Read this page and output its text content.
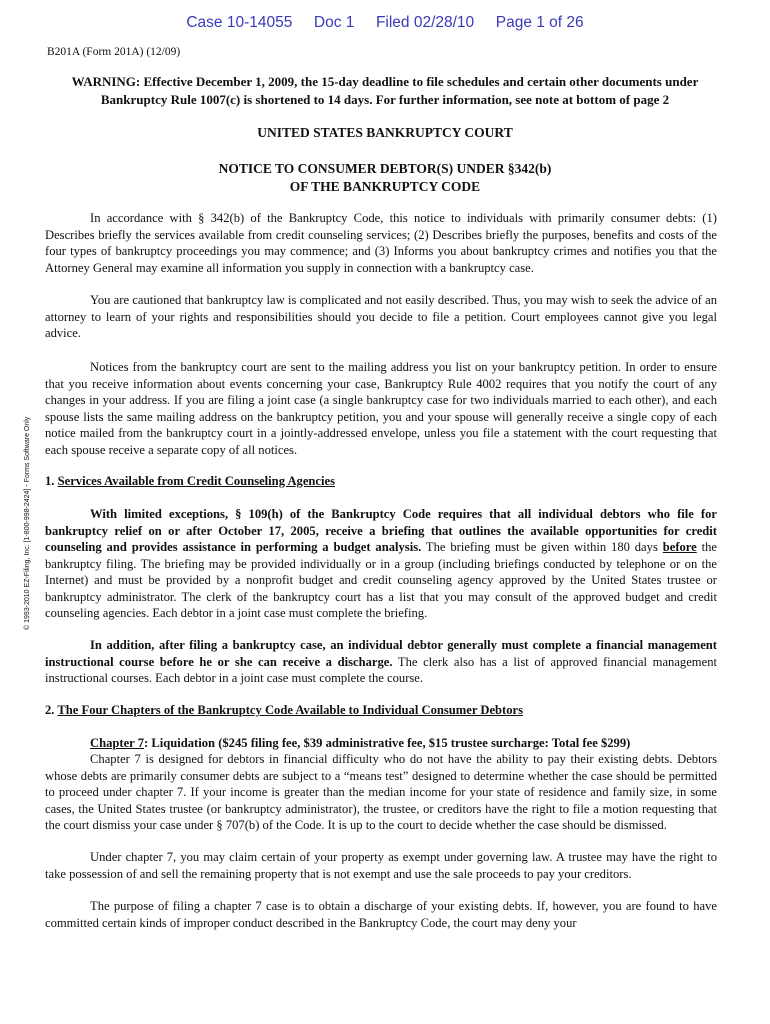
Case 10-14055 Doc 1 Filed 02/28/10 Page 1 of 26
B201A (Form 201A) (12/09)
© 1993-2010 EZ-Filing, Inc. [1-800-998-2424] - Forms Software Only
WARNING: Effective December 1, 2009, the 15-day deadline to file schedules and certain other documents under Bankruptcy Rule 1007(c) is shortened to 14 days. For further information, see note at bottom of page 2
UNITED STATES BANKRUPTCY COURT
NOTICE TO CONSUMER DEBTOR(S) UNDER §342(b)
OF THE BANKRUPTCY CODE

In accordance with § 342(b) of the Bankruptcy Code, this notice to individuals with primarily consumer debts: (1) Describes briefly the services available from credit counseling services; (2) Describes briefly the purposes, benefits and costs of the four types of bankruptcy proceedings you may commence; and (3) Informs you about bankruptcy crimes and notifies you that the Attorney General may examine all information you supply in connection with a bankruptcy case.

You are cautioned that bankruptcy law is complicated and not easily described. Thus, you may wish to seek the advice of an attorney to learn of your rights and responsibilities should you decide to file a petition. Court employees cannot give you legal advice.

Notices from the bankruptcy court are sent to the mailing address you list on your bankruptcy petition. In order to ensure that you receive information about events concerning your case, Bankruptcy Rule 4002 requires that you notify the court of any changes in your address. If you are filing a joint case (a single bankruptcy case for two individuals married to each other), and each spouse lists the same mailing address on the bankruptcy petition, you and your spouse will generally receive a single copy of each notice mailed from the bankruptcy court in a jointly-addressed envelope, unless you file a statement with the court requesting that each spouse receive a separate copy of all notices.

1. Services Available from Credit Counseling Agencies

With limited exceptions, § 109(h) of the Bankruptcy Code requires that all individual debtors who file for bankruptcy relief on or after October 17, 2005, receive a briefing that outlines the available opportunities for credit counseling and provides assistance in performing a budget analysis. The briefing must be given within 180 days before the bankruptcy filing. The briefing may be provided individually or in a group (including briefings conducted by telephone or on the Internet) and must be provided by a nonprofit budget and credit counseling agency approved by the United States trustee or bankruptcy administrator. The clerk of the bankruptcy court has a list that you may consult of the approved budget and credit counseling agencies. Each debtor in a joint case must complete the briefing.

In addition, after filing a bankruptcy case, an individual debtor generally must complete a financial management instructional course before he or she can receive a discharge. The clerk also has a list of approved financial management instructional courses. Each debtor in a joint case must complete the course.

2. The Four Chapters of the Bankruptcy Code Available to Individual Consumer Debtors

Chapter 7: Liquidation ($245 filing fee, $39 administrative fee, $15 trustee surcharge: Total fee $299)

Chapter 7 is designed for debtors in financial difficulty who do not have the ability to pay their existing debts. Debtors whose debts are primarily consumer debts are subject to a “means test” designed to determine whether the case should be permitted to proceed under chapter 7. If your income is greater than the median income for your state of residence and family size, in some cases, the United States trustee (or bankruptcy administrator), the trustee, or creditors have the right to file a motion requesting that the court dismiss your case under § 707(b) of the Code. It is up to the court to decide whether the case should be dismissed.

Under chapter 7, you may claim certain of your property as exempt under governing law. A trustee may have the right to take possession of and sell the remaining property that is not exempt and use the sale proceeds to pay your creditors.

The purpose of filing a chapter 7 case is to obtain a discharge of your existing debts. If, however, you are found to have committed certain kinds of improper conduct described in the Bankruptcy Code, the court may deny your
